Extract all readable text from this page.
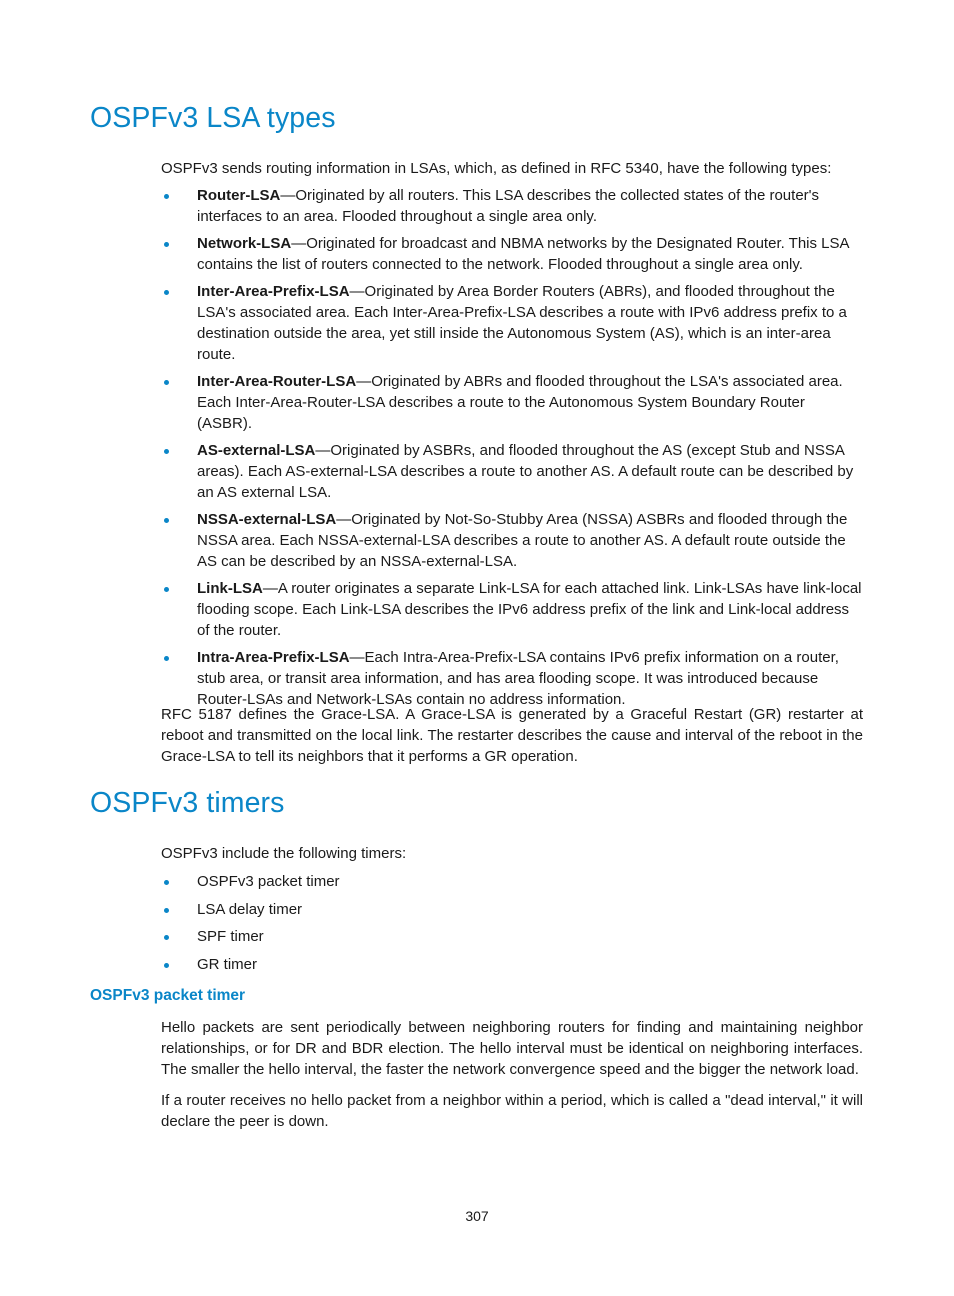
OSPFv3 LSA types

OSPFv3 sends routing information in LSAs, which, as defined in RFC 5340, have the following types:

Router-LSA—Originated by all routers. This LSA describes the collected states of the router's interfaces to an area. Flooded throughout a single area only.
Network-LSA—Originated for broadcast and NBMA networks by the Designated Router. This LSA contains the list of routers connected to the network. Flooded throughout a single area only.
Inter-Area-Prefix-LSA—Originated by Area Border Routers (ABRs), and flooded throughout the LSA's associated area. Each Inter-Area-Prefix-LSA describes a route with IPv6 address prefix to a destination outside the area, yet still inside the Autonomous System (AS), which is an inter-area route.
Inter-Area-Router-LSA—Originated by ABRs and flooded throughout the LSA's associated area. Each Inter-Area-Router-LSA describes a route to the Autonomous System Boundary Router (ASBR).
AS-external-LSA—Originated by ASBRs, and flooded throughout the AS (except Stub and NSSA areas). Each AS-external-LSA describes a route to another AS. A default route can be described by an AS external LSA.
NSSA-external-LSA—Originated by Not-So-Stubby Area (NSSA) ASBRs and flooded through the NSSA area. Each NSSA-external-LSA describes a route to another AS. A default route outside the AS can be described by an NSSA-external-LSA.
Link-LSA—A router originates a separate Link-LSA for each attached link. Link-LSAs have link-local flooding scope. Each Link-LSA describes the IPv6 address prefix of the link and Link-local address of the router.
Intra-Area-Prefix-LSA—Each Intra-Area-Prefix-LSA contains IPv6 prefix information on a router, stub area, or transit area information, and has area flooding scope. It was introduced because Router-LSAs and Network-LSAs contain no address information.

RFC 5187 defines the Grace-LSA. A Grace-LSA is generated by a Graceful Restart (GR) restarter at reboot and transmitted on the local link. The restarter describes the cause and interval of the reboot in the Grace-LSA to tell its neighbors that it performs a GR operation.

OSPFv3 timers

OSPFv3 include the following timers:

OSPFv3 packet timer
LSA delay timer
SPF timer
GR timer
OSPFv3 packet timer

Hello packets are sent periodically between neighboring routers for finding and maintaining neighbor relationships, or for DR and BDR election. The hello interval must be identical on neighboring interfaces. The smaller the hello interval, the faster the network convergence speed and the bigger the network load.

If a router receives no hello packet from a neighbor within a period, which is called a "dead interval," it will declare the peer is down.

307
